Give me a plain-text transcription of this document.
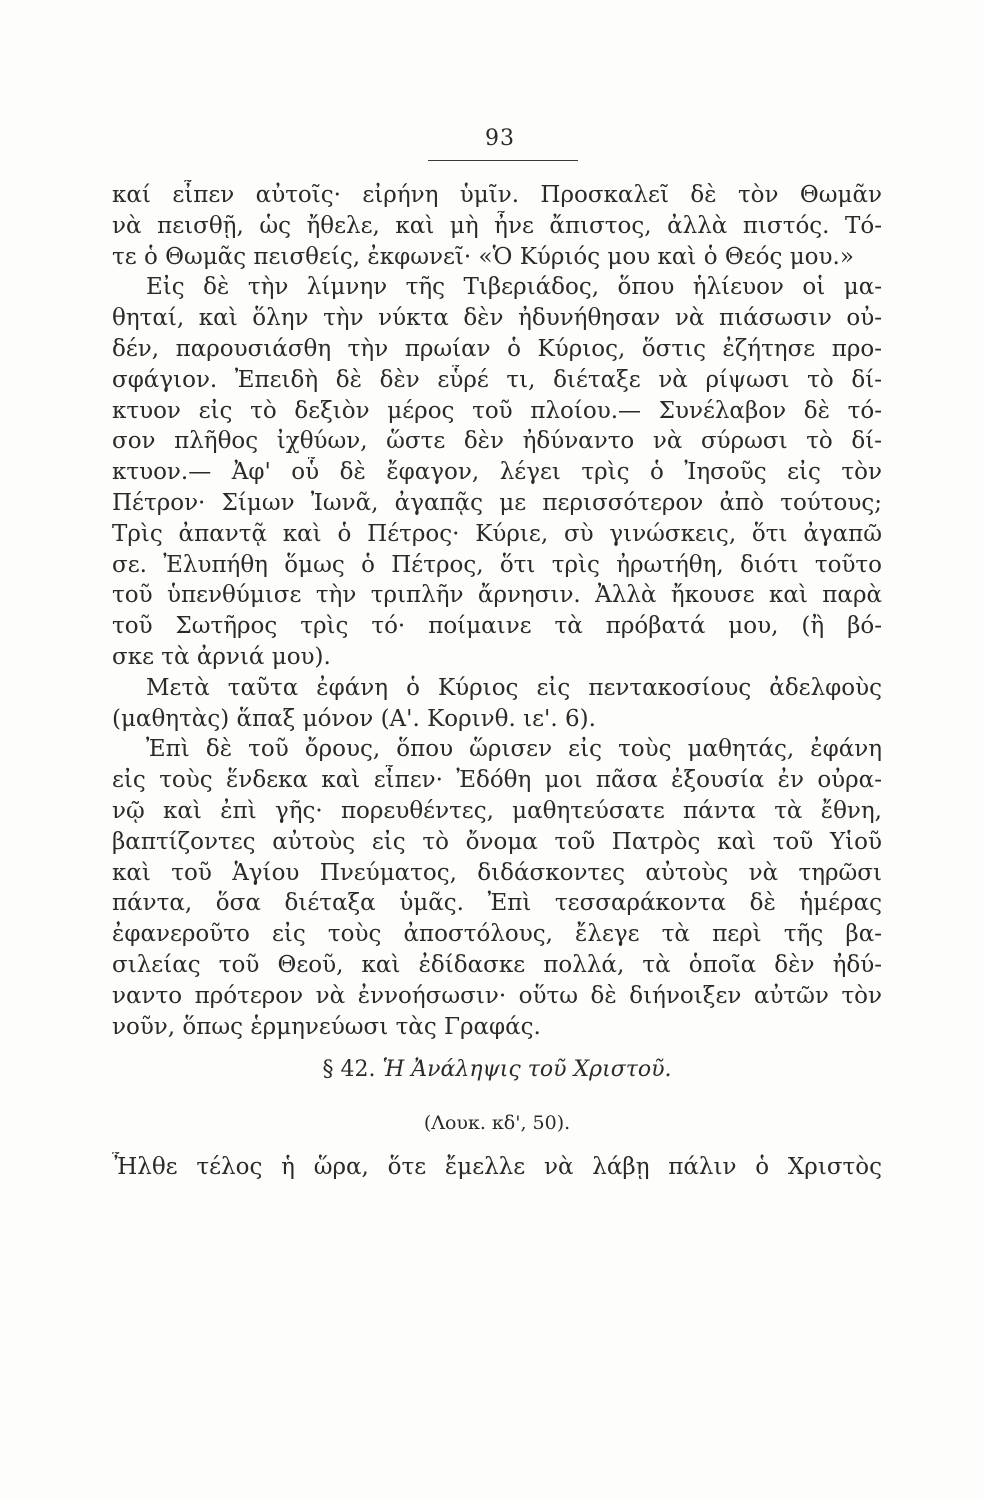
93
καί εἶπεν αὐτοῖς· εἰρήνη ὑμῖν. Προσκαλεῖ δὲ τὸν Θωμᾶν
νὰ πεισθῇ, ὡς ἤθελε, καὶ μὴ ἦνε ἄπιστος, ἀλλὰ πιστός. Τό-
τε ὁ Θωμᾶς πεισθείς, ἐκφωνεῖ· «Ὁ Κύριός μου καὶ ὁ Θεός μου.»
Εἰς δὲ τὴν λίμνην τῆς Τιβεριάδος, ὅπου ἡλίευον οἱ μα-
θηταί, καὶ ὅλην τὴν νύκτα δὲν ἠδυνήθησαν νὰ πιάσωσιν οὐ-
δέν, παρουσιάσθη τὴν πρωίαν ὁ Κύριος, ὅστις ἐζήτησε προ-
σφάγιον. Ἐπειδὴ δὲ δὲν εὗρέ τι, διέταξε νὰ ρίψωσι τὸ δί-
κτυον εἰς τὸ δεξιὸν μέρος τοῦ πλοίου.— Συνέλαβον δὲ τό-
σον πλῆθος ἰχθύων, ὥστε δὲν ἠδύναντο νὰ σύρωσι τὸ δί-
κτυον.— Ἀφ' οὗ δὲ ἔφαγον, λέγει τρὶς ὁ Ἰησοῦς εἰς τὸν
Πέτρον· Σίμων Ἰωνᾶ, ἀγαπᾷς με περισσότερον ἀπὸ τούτους;
Τρὶς ἀπαντᾷ καὶ ὁ Πέτρος· Κύριε, σὺ γινώσκεις, ὅτι ἀγαπῶ
σε. Ἐλυπήθη ὅμως ὁ Πέτρος, ὅτι τρὶς ἠρωτήθη, διότι τοῦτο
τοῦ ὑπενθύμισε τὴν τριπλῆν ἄρνησιν. Ἀλλὰ ἤκουσε καὶ παρὰ
τοῦ Σωτῆρος τρὶς τό· ποίμαινε τὰ πρόβατά μου, (ἢ βό-
σκε τὰ ἀρνιά μου).
Μετὰ ταῦτα ἐφάνη ὁ Κύριος εἰς πεντακοσίους ἀδελφοὺς
(μαθητὰς) ἅπαξ μόνον (Α'. Κορινθ. ιε'. 6).
Ἐπὶ δὲ τοῦ ὄρους, ὅπου ὥρισεν εἰς τοὺς μαθητάς, ἐφάνη
εἰς τοὺς ἕνδεκα καὶ εἶπεν· Ἐδόθη μοι πᾶσα ἐξουσία ἐν οὐρα-
νῷ καὶ ἐπὶ γῆς· πορευθέντες, μαθητεύσατε πάντα τὰ ἔθνη,
βαπτίζοντες αὐτοὺς εἰς τὸ ὄνομα τοῦ Πατρὸς καὶ τοῦ Υἱοῦ
καὶ τοῦ Ἁγίου Πνεύματος, διδάσκοντες αὐτοὺς νὰ τηρῶσι
πάντα, ὅσα διέταξα ὑμᾶς. Ἐπὶ τεσσαράκοντα δὲ ἡμέρας
ἐφανεροῦτο εἰς τοὺς ἀποστόλους, ἔλεγε τὰ περὶ τῆς βα-
σιλείας τοῦ Θεοῦ, καὶ ἐδίδασκε πολλά, τὰ ὁποῖα δὲν ἠδύ-
ναντο πρότερον νὰ ἐννοήσωσιν· οὕτω δὲ διήνοιξεν αὐτῶν τὸν
νοῦν, ὅπως ἑρμηνεύωσι τὰς Γραφάς.
§ 42. Ἡ Ἀνάληψις τοῦ Χριστοῦ.
(Λουκ. κδ', 50).
Ἦλθε τέλος ἡ ὥρα, ὅτε ἔμελλε νὰ λάβῃ πάλιν ὁ Χριστὸς
